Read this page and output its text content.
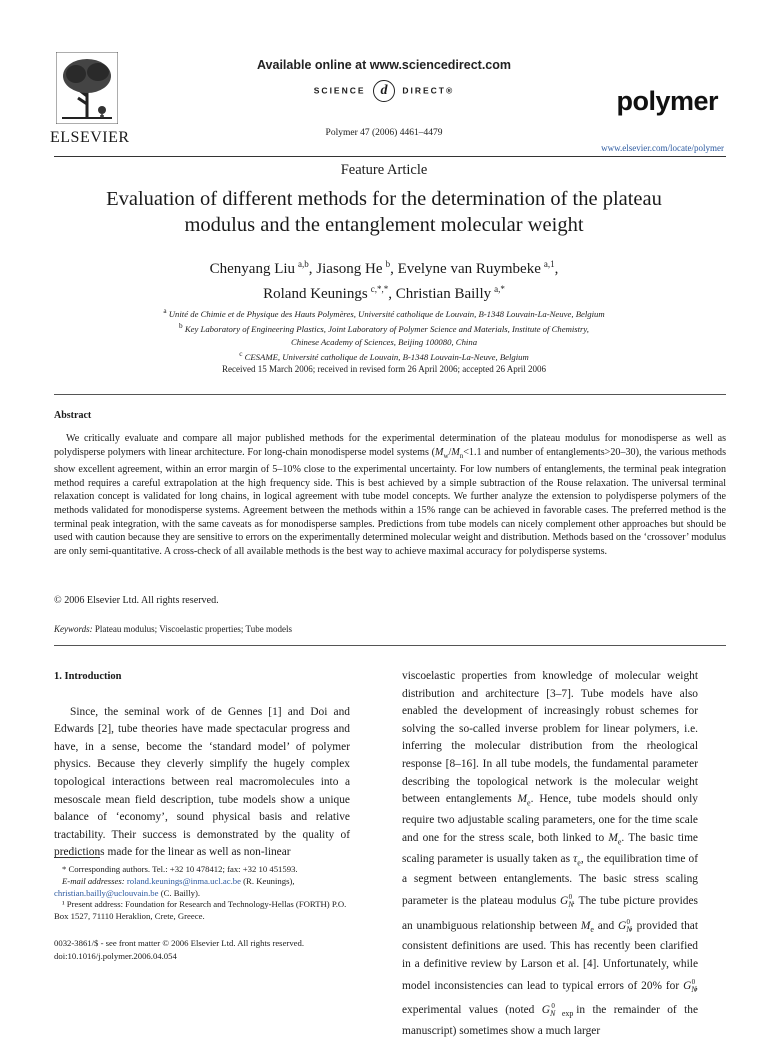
ELSEVIER
Available online at www.sciencedirect.com
SCIENCE d DIRECT®
Polymer 47 (2006) 4461–4479
polymer
www.elsevier.com/locate/polymer
Feature Article
Evaluation of different methods for the determination of the plateau
modulus and the entanglement molecular weight
Chenyang Liu  $^{a,b}$, Jiasong He  $^b$, Evelyne van Ruymbeke  $^{a,1}$,
Roland Keunings  $^{c,*,*}$, Christian Bailly  $^{a,*}$
$^a$ Unité de Chimie et de Physique des Hauts Polymères, Université catholique de Louvain, B-1348 Louvain-La-Neuve, Belgium
$^b$ Key Laboratory of Engineering Plastics, Joint Laboratory of Polymer Science and Materials, Institute of Chemistry,
Chinese Academy of Sciences, Beijing 100080, China
$^c$ CESAME, Université catholique de Louvain, B-1348 Louvain-La-Neuve, Belgium
Received 15 March 2006; received in revised form 26 April 2006; accepted 26 April 2006
Abstract
We critically evaluate and compare all major published methods for the experimental determination of the plateau modulus for monodisperse as well as polydisperse polymers with linear architecture. For long-chain monodisperse model systems ($M_w/M_n<1.1$ and number of entanglements>20–30), the various methods show excellent agreement, within an error margin of 5–10% close to the experimental uncertainty. For low numbers of entanglements, the terminal peak integration method requires a careful extrapolation at the high frequency side. This is best achieved by a simple subtraction of the Rouse relaxation. The universal terminal relaxation concept is validated for long chains, in logical agreement with tube model concepts. We further analyze the extension to polydisperse polymers of the methods validated for monodisperse systems. Agreement between the methods within a 15% range can be achieved in favorable cases. The preferred method is the terminal peak integration, with the same caveats as for monodisperse samples. Predictions from tube models can nicely complement other approaches but should be used with caution because they are sensitive to errors on the experimentally determined molecular weight and distribution. Methods based on the ‘crossover’ modulus are only semi-quantitative. A cross-check of all available methods is the best way to achieve maximal accuracy for polydisperse systems.
© 2006 Elsevier Ltd. All rights reserved.
Keywords: Plateau modulus; Viscoelastic properties; Tube models
1. Introduction
Since, the seminal work of de Gennes [1] and Doi and Edwards [2], tube theories have made spectacular progress and have, in a sense, become the ‘standard model’ of polymer physics. Because they cleverly simplify the hugely complex topological interactions between real macromolecules into a mesoscale mean field description, tube models show a unique balance of ‘economy’, sound physical basis and relative tractability. Their success is demonstrated by the quality of predictions made for the linear as well as non-linear
viscoelastic properties from knowledge of molecular weight distribution and architecture [3–7]. Tube models have also enabled the development of increasingly robust schemes for solving the so-called inverse problem for linear polymers, i.e. inferring the molecular distribution from the rheological response [8–16]. In all tube models, the fundamental parameter describing the topological network is the molecular weight between entanglements $M_e$. Hence, tube models should only require two adjustable scaling parameters, one for the time scale and one for the stress scale, both linked to $M_e$. The basic time scaling parameter is usually taken as $\tau_e$, the equilibration time of a segment between entanglements. The basic stress scaling parameter is the plateau modulus $G_N^0$. The tube picture provides an unambiguous relationship between $M_e$ and $G_N^0$, provided that consistent definitions are used. This has recently been clarified in a definitive review by Larson et al. [4]. Unfortunately, while model inconsistencies can lead to typical errors of 20% for $G_N^0$, experimental values (noted $G_{N exp}^0$ in the remainder of the manuscript) sometimes show a much larger
* Corresponding authors. Tel.: +32 10 478412; fax: +32 10 451593.
E-mail addresses: roland.keunings@inma.ucl.ac.be (R. Keunings), christian.bailly@uclouvain.be (C. Bailly).
¹ Present address: Foundation for Research and Technology-Hellas (FORTH) P.O. Box 1527, 71110 Heraklion, Crete, Greece.
0032-3861/$ - see front matter © 2006 Elsevier Ltd. All rights reserved.
doi:10.1016/j.polymer.2006.04.054
